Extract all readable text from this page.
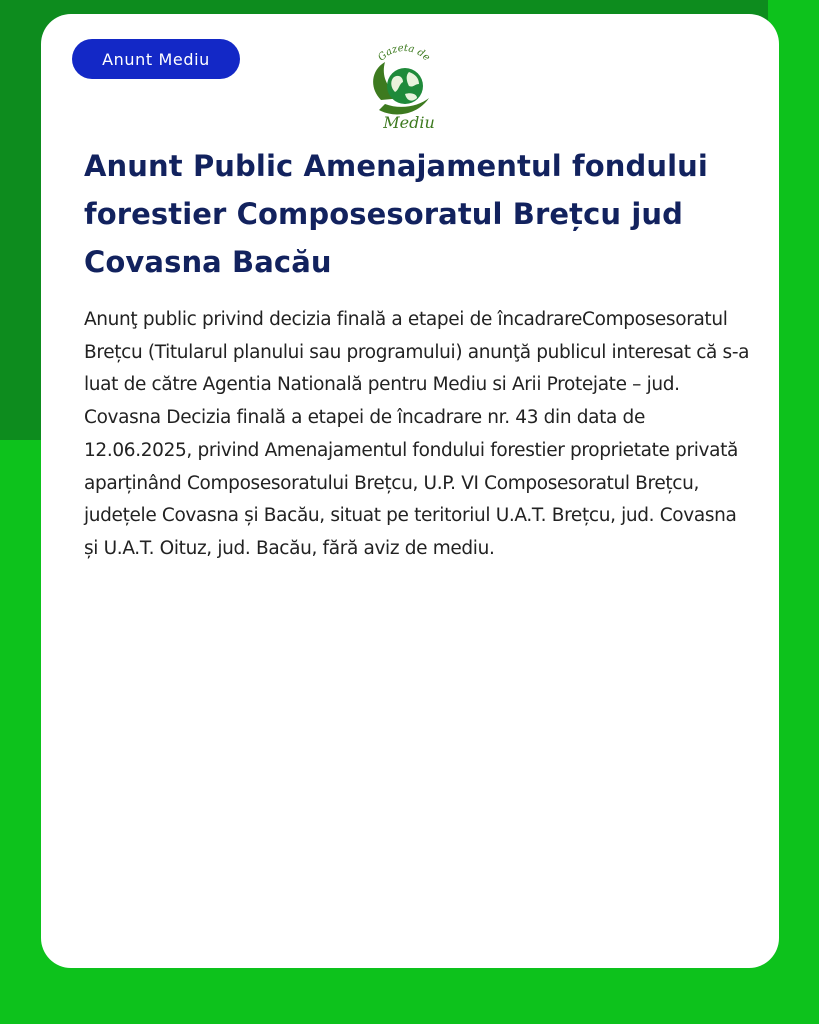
Anunt Mediu	Gazeta de
Mediu
Anunt Public Amenajamentul fondului forestier Composesoratul Brețcu jud Covasna Bacău

Anunţ public privind decizia finală a etapei de încadrareComposesoratul Brețcu (Titularul planului sau programului) anunţă publicul interesat că s-a luat de către Agentia Natională pentru Mediu si Arii Protejate – jud. Covasna Decizia finală a etapei de încadrare nr. 43 din data de 12.06.2025, privind Amenajamentul fondului forestier proprietate privată aparținând Composesoratului Brețcu, U.P. VI Composesoratul Brețcu, județele Covasna și Bacău, situat pe teritoriul U.A.T. Brețcu, jud. Covasna și U.A.T. Oituz, jud. Bacău, fără aviz de mediu.
